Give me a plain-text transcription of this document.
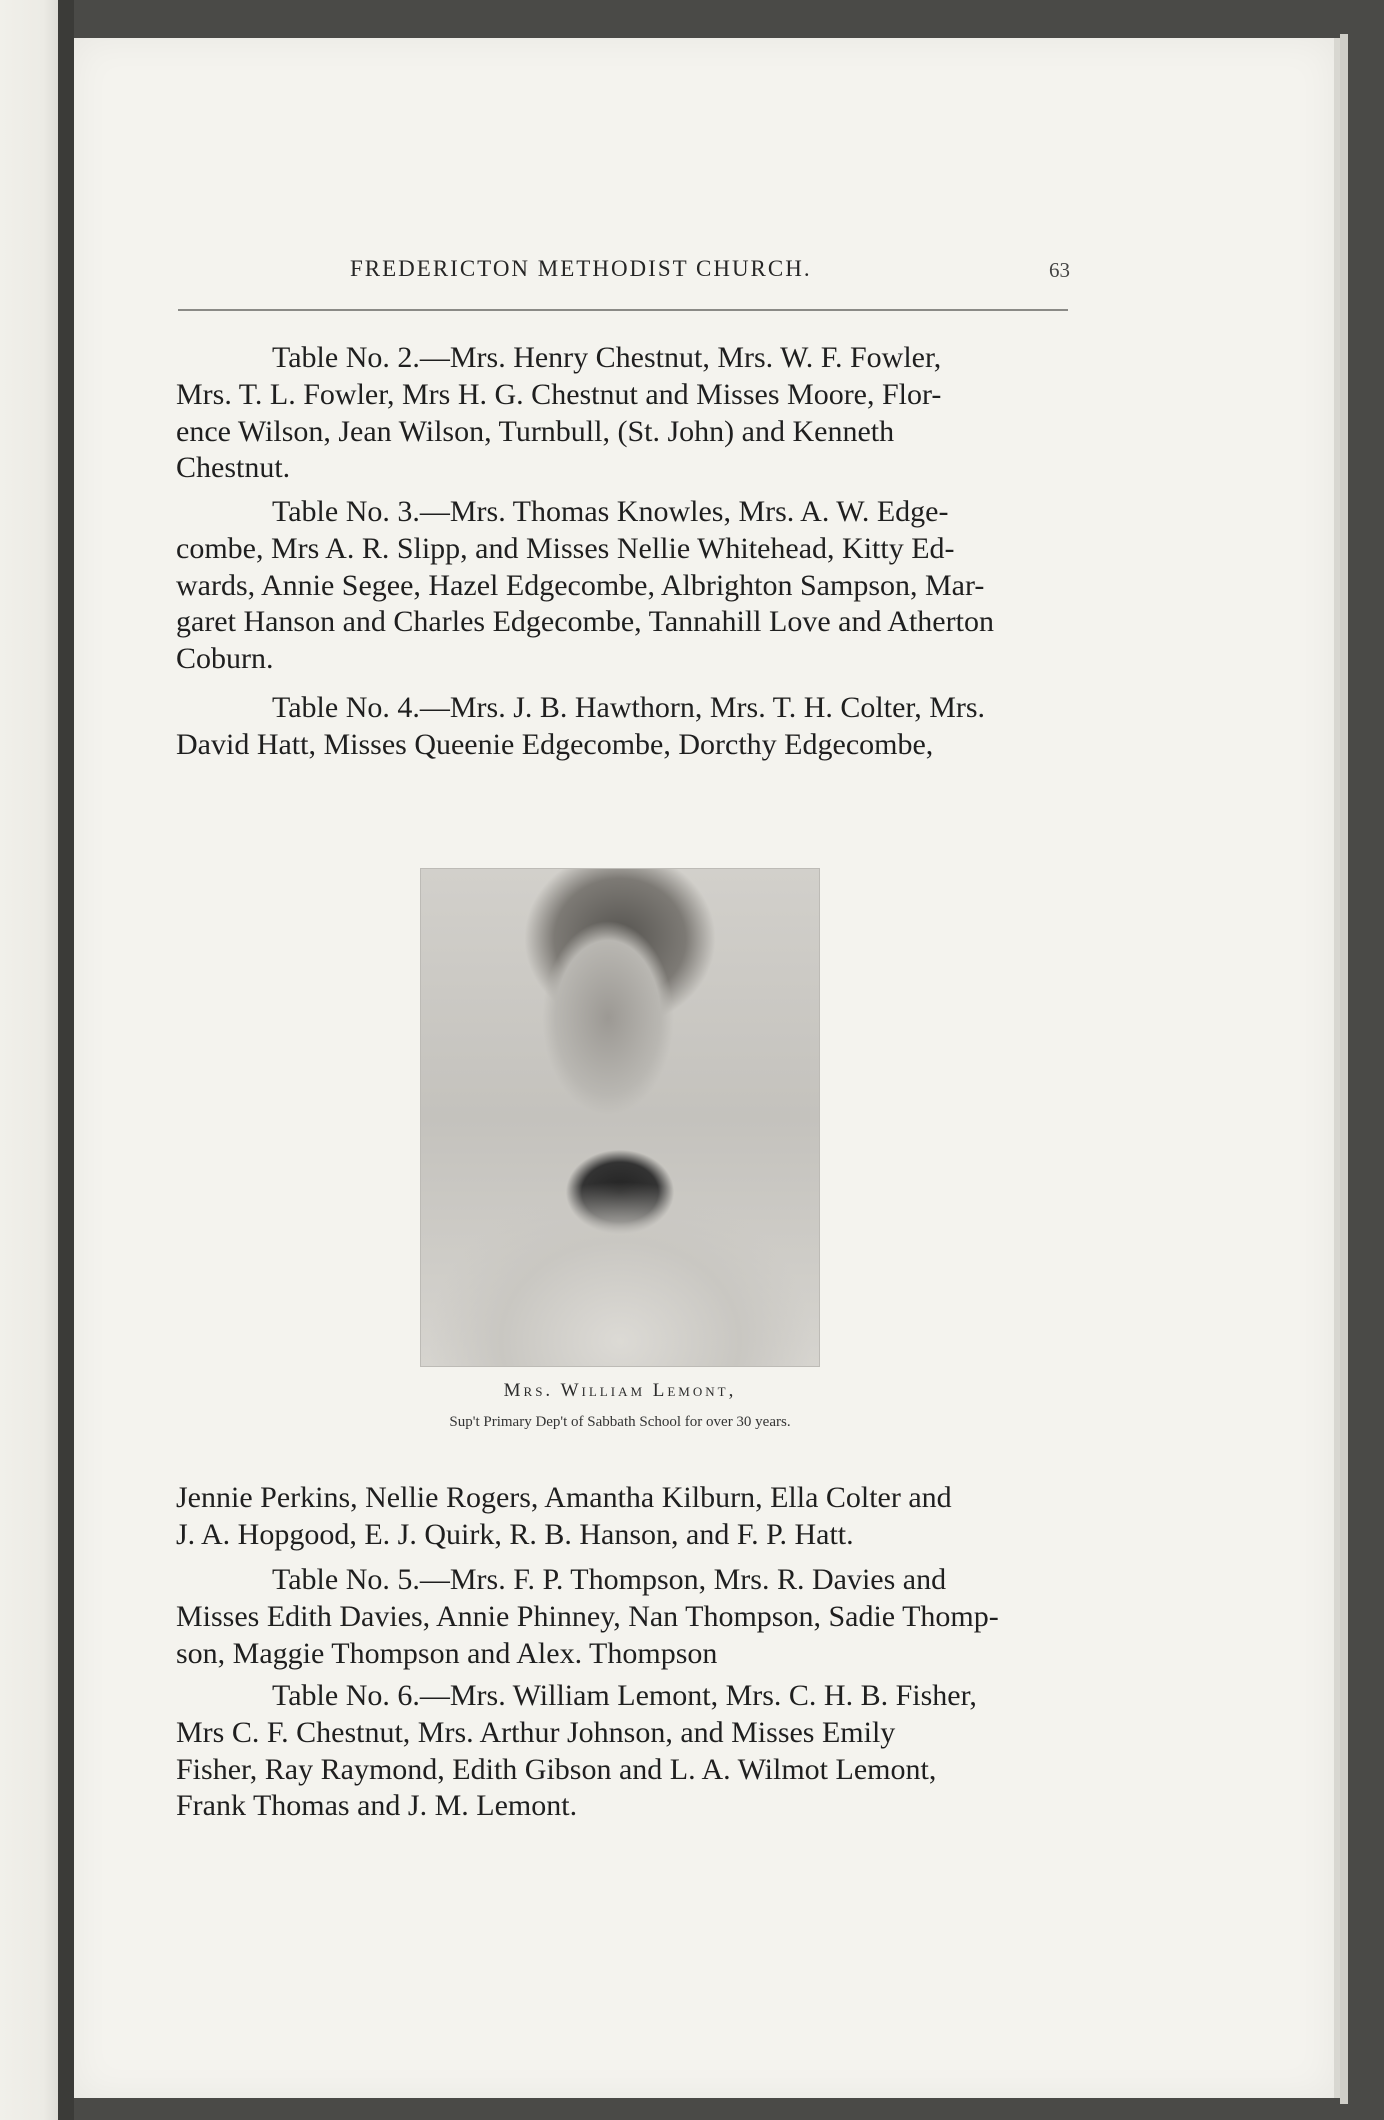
FREDERICTON METHODIST CHURCH.	63
Table No. 2.—Mrs. Henry Chestnut, Mrs. W. F. Fowler,
Mrs. T. L. Fowler, Mrs H. G. Chestnut and Misses Moore, Flor-
ence Wilson, Jean Wilson, Turnbull, (St. John) and Kenneth
Chestnut.
Table No. 3.—Mrs. Thomas Knowles, Mrs. A. W. Edge-
combe, Mrs A. R. Slipp, and Misses Nellie Whitehead, Kitty Ed-
wards, Annie Segee, Hazel Edgecombe, Albrighton Sampson, Mar-
garet Hanson and Charles Edgecombe, Tannahill Love and Atherton
Coburn.
Table No. 4.—Mrs. J. B. Hawthorn, Mrs. T. H. Colter, Mrs.
David Hatt, Misses Queenie Edgecombe, Dorcthy Edgecombe,
Mrs. William Lemont,
Sup't Primary Dep't of Sabbath School for over 30 years.
Jennie Perkins, Nellie Rogers, Amantha Kilburn, Ella Colter and
J. A. Hopgood, E. J. Quirk, R. B. Hanson, and F. P. Hatt.
Table No. 5.—Mrs. F. P. Thompson, Mrs. R. Davies and
Misses Edith Davies, Annie Phinney, Nan Thompson, Sadie Thomp-
son, Maggie Thompson and Alex. Thompson
Table No. 6.—Mrs. William Lemont, Mrs. C. H. B. Fisher,
Mrs C. F. Chestnut, Mrs. Arthur Johnson, and Misses Emily
Fisher, Ray Raymond, Edith Gibson and L. A. Wilmot Lemont,
Frank Thomas and J. M. Lemont.
